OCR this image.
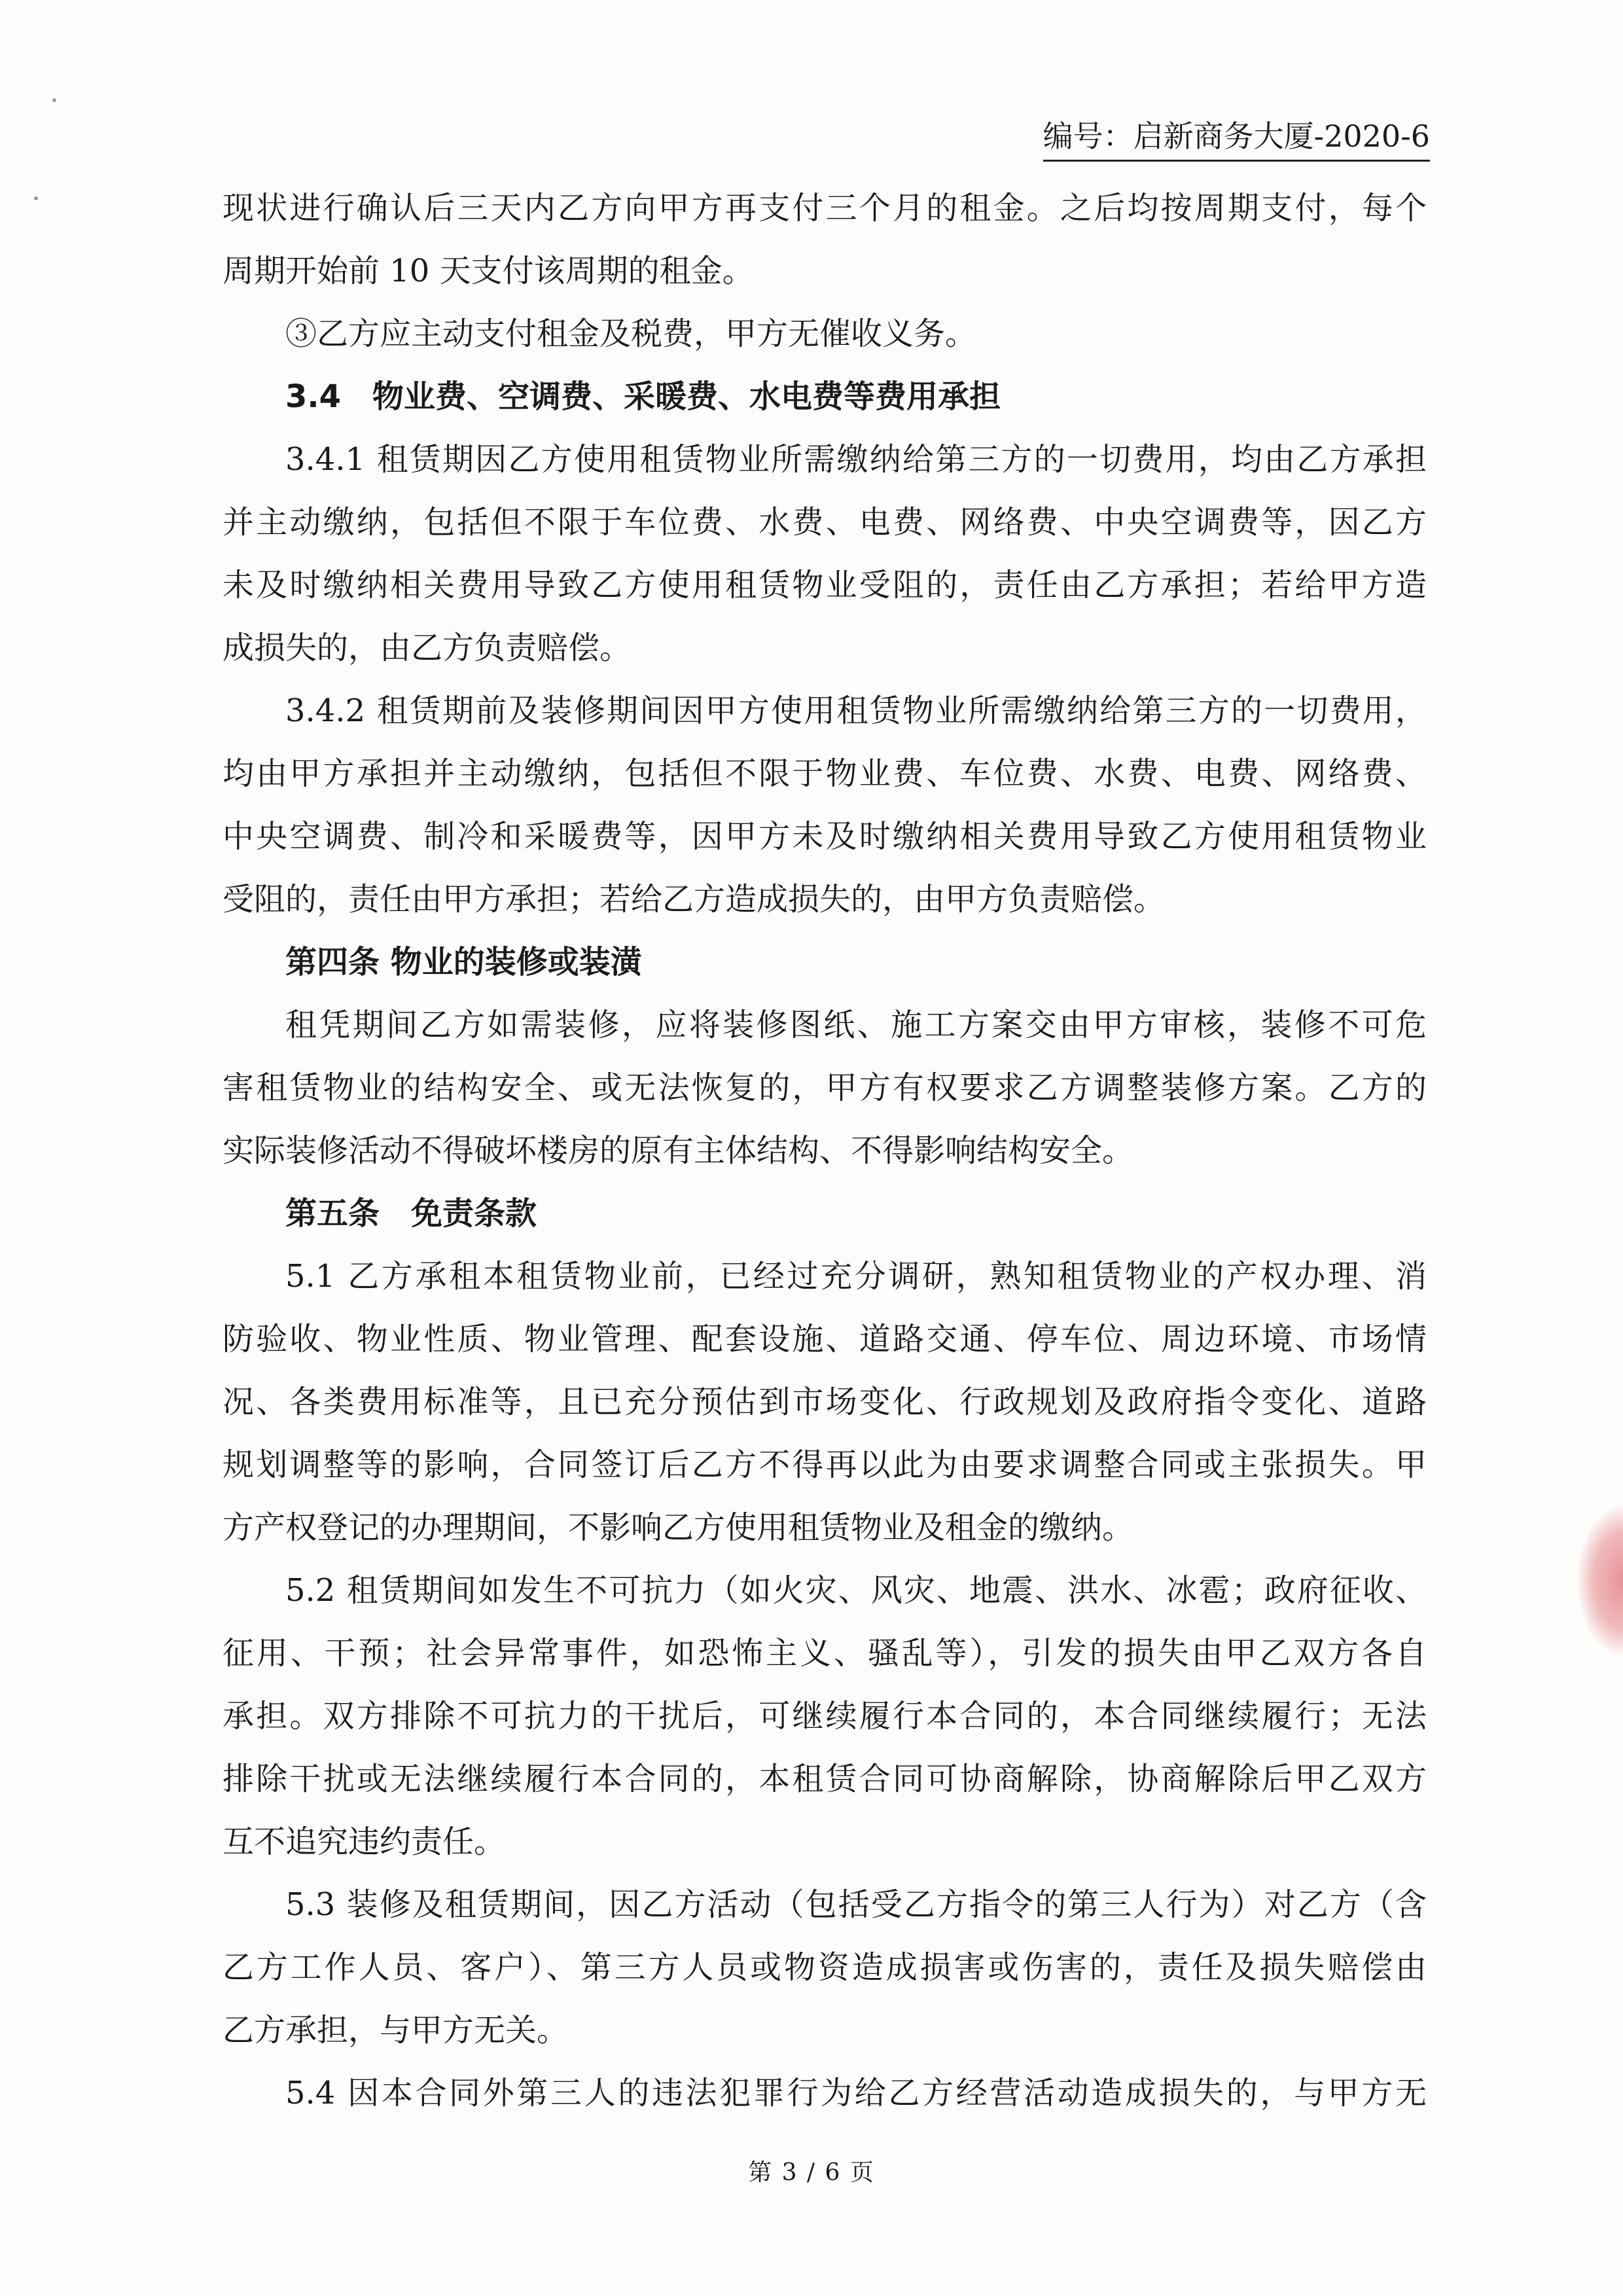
编号：启新商务大厦-2020-6
现状进行确认后三天内乙方向甲方再支付三个月的租金。之后均按周期支付，每个
周期开始前 10 天支付该周期的租金。
③乙方应主动支付租金及税费，甲方无催收义务。
3.4　物业费、空调费、采暖费、水电费等费用承担
3.4.1 租赁期因乙方使用租赁物业所需缴纳给第三方的一切费用，均由乙方承担
并主动缴纳，包括但不限于车位费、水费、电费、网络费、中央空调费等，因乙方
未及时缴纳相关费用导致乙方使用租赁物业受阻的，责任由乙方承担；若给甲方造
成损失的，由乙方负责赔偿。
3.4.2 租赁期前及装修期间因甲方使用租赁物业所需缴纳给第三方的一切费用，
均由甲方承担并主动缴纳，包括但不限于物业费、车位费、水费、电费、网络费、
中央空调费、制冷和采暖费等，因甲方未及时缴纳相关费用导致乙方使用租赁物业
受阻的，责任由甲方承担；若给乙方造成损失的，由甲方负责赔偿。
第四条 物业的装修或装潢
租凭期间乙方如需装修，应将装修图纸、施工方案交由甲方审核，装修不可危
害租赁物业的结构安全、或无法恢复的，甲方有权要求乙方调整装修方案。乙方的
实际装修活动不得破坏楼房的原有主体结构、不得影响结构安全。
第五条　免责条款
5.1 乙方承租本租赁物业前，已经过充分调研，熟知租赁物业的产权办理、消
防验收、物业性质、物业管理、配套设施、道路交通、停车位、周边环境、市场情
况、各类费用标准等，且已充分预估到市场变化、行政规划及政府指令变化、道路
规划调整等的影响，合同签订后乙方不得再以此为由要求调整合同或主张损失。甲
方产权登记的办理期间，不影响乙方使用租赁物业及租金的缴纳。
5.2 租赁期间如发生不可抗力（如火灾、风灾、地震、洪水、冰雹；政府征收、
征用、干预；社会异常事件，如恐怖主义、骚乱等），引发的损失由甲乙双方各自
承担。双方排除不可抗力的干扰后，可继续履行本合同的，本合同继续履行；无法
排除干扰或无法继续履行本合同的，本租赁合同可协商解除，协商解除后甲乙双方
互不追究违约责任。
5.3 装修及租赁期间，因乙方活动（包括受乙方指令的第三人行为）对乙方（含
乙方工作人员、客户）、第三方人员或物资造成损害或伤害的，责任及损失赔偿由
乙方承担，与甲方无关。
5.4 因本合同外第三人的违法犯罪行为给乙方经营活动造成损失的，与甲方无
第 3 / 6 页
